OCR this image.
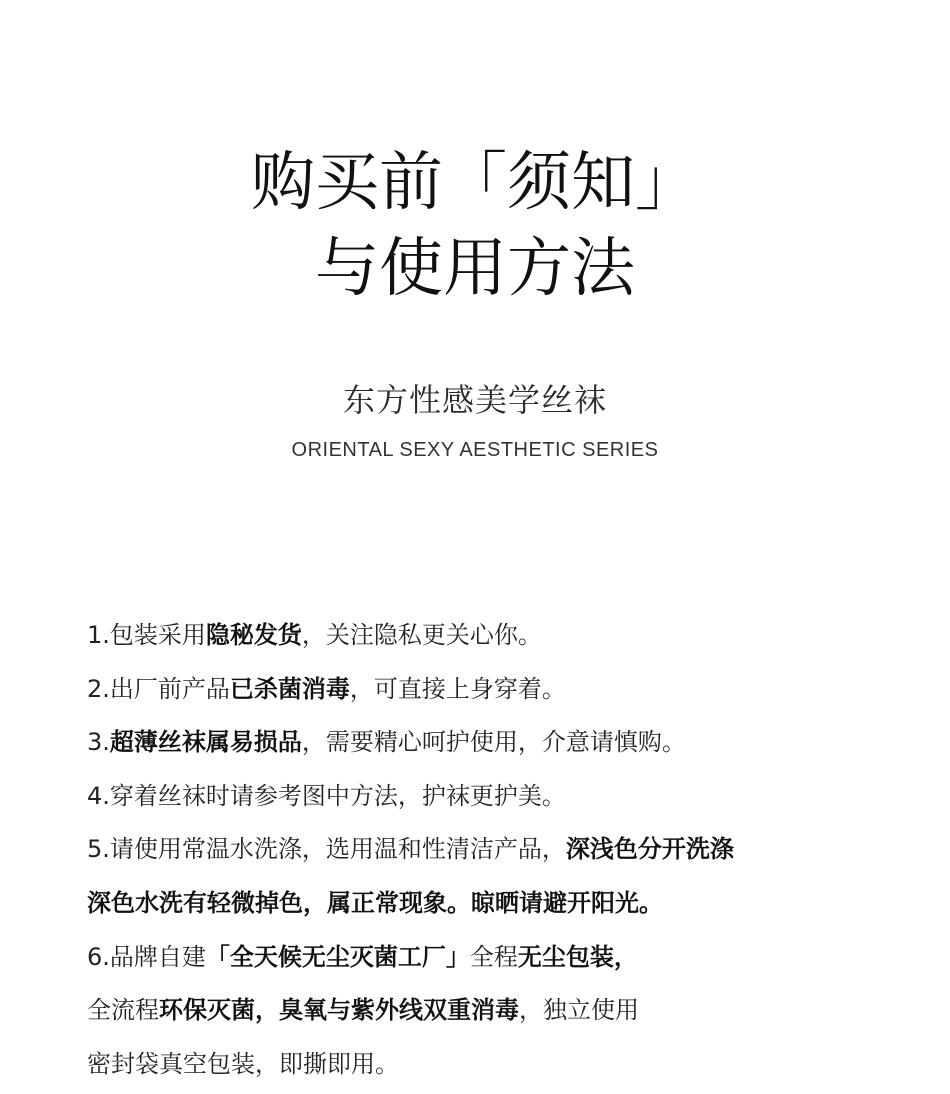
购买前「须知」
与使用方法
东方性感美学丝袜
ORIENTAL SEXY AESTHETIC SERIES
1.包装采用隐秘发货，关注隐私更关心你。
2.出厂前产品已杀菌消毒，可直接上身穿着。
3.超薄丝袜属易损品，需要精心呵护使用，介意请慎购。
4.穿着丝袜时请参考图中方法，护袜更护美。
5.请使用常温水洗涤，选用温和性清洁产品，深浅色分开洗涤
深色水洗有轻微掉色，属正常现象。晾晒请避开阳光。
6.品牌自建「全天候无尘灭菌工厂」全程无尘包装，
全流程环保灭菌，臭氧与紫外线双重消毒，独立使用
密封袋真空包装，即撕即用。
